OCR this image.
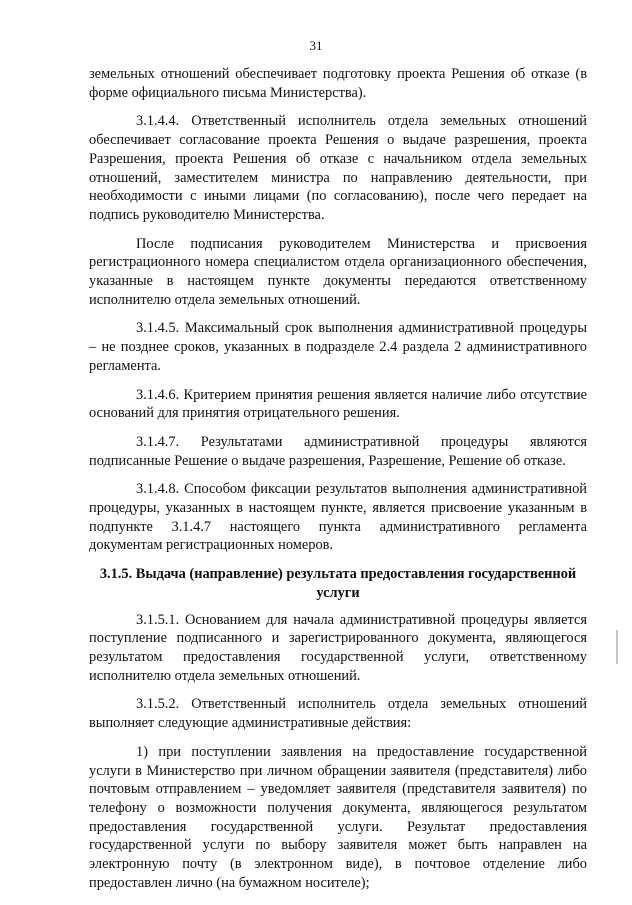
31

земельных отношений обеспечивает подготовку проекта Решения об отказе (в форме официального письма Министерства).

3.1.4.4. Ответственный исполнитель отдела земельных отношений обеспечивает согласование проекта Решения о выдаче разрешения, проекта Разрешения, проекта Решения об отказе с начальником отдела земельных отношений, заместителем министра по направлению деятельности, при необходимости с иными лицами (по согласованию), после чего передает на подпись руководителю Министерства.

После подписания руководителем Министерства и присвоения регистрационного номера специалистом отдела организационного обеспечения, указанные в настоящем пункте документы передаются ответственному исполнителю отдела земельных отношений.

3.1.4.5. Максимальный срок выполнения административной процедуры – не позднее сроков, указанных в подразделе 2.4 раздела 2 административного регламента.

3.1.4.6. Критерием принятия решения является наличие либо отсутствие оснований для принятия отрицательного решения.

3.1.4.7. Результатами административной процедуры являются подписанные Решение о выдаче разрешения, Разрешение, Решение об отказе.

3.1.4.8. Способом фиксации результатов выполнения административной процедуры, указанных в настоящем пункте, является присвоение указанным в подпункте 3.1.4.7 настоящего пункта административного регламента документам регистрационных номеров.

3.1.5. Выдача (направление) результата предоставления государственной услуги

3.1.5.1. Основанием для начала административной процедуры является поступление подписанного и зарегистрированного документа, являющегося результатом предоставления государственной услуги, ответственному исполнителю отдела земельных отношений.

3.1.5.2. Ответственный исполнитель отдела земельных отношений выполняет следующие административные действия:

1) при поступлении заявления на предоставление государственной услуги в Министерство при личном обращении заявителя (представителя) либо почтовым отправлением – уведомляет заявителя (представителя заявителя) по телефону о возможности получения документа, являющегося результатом предоставления государственной услуги. Результат предоставления государственной услуги по выбору заявителя может быть направлен на электронную почту (в электронном виде), в почтовое отделение либо предоставлен лично (на бумажном носителе);
